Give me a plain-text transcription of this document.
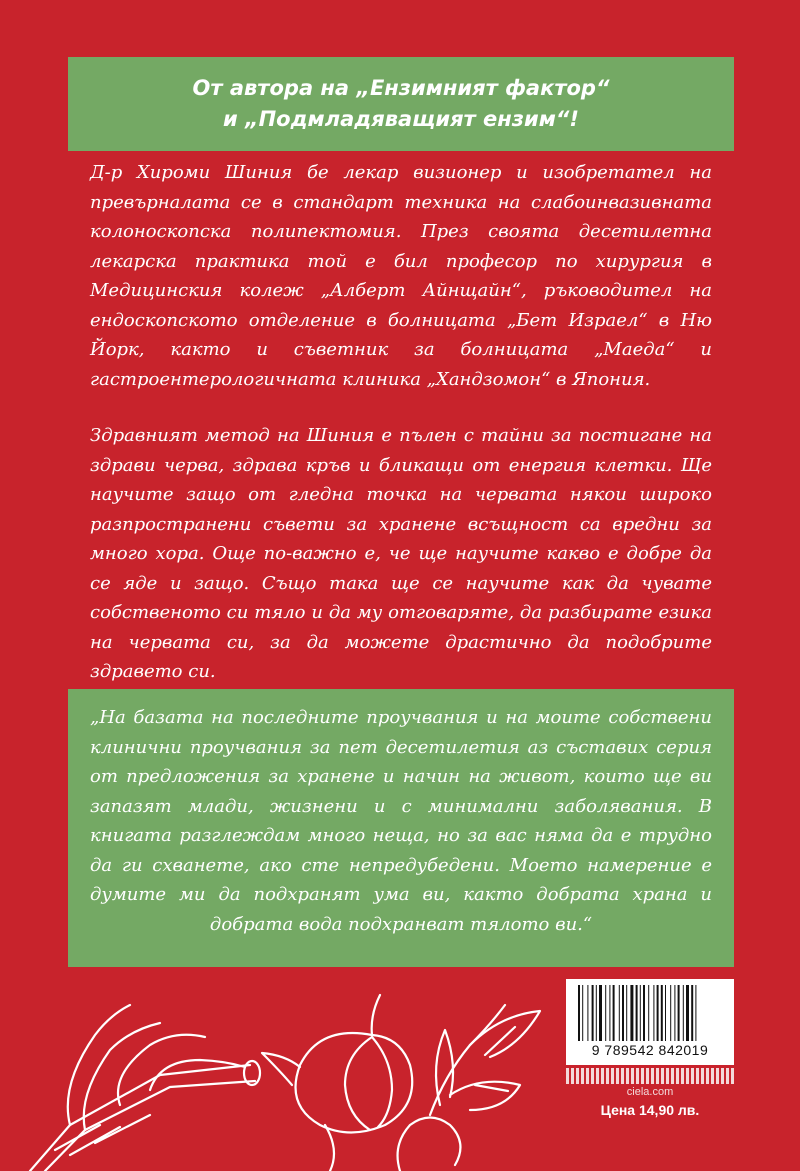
От автора на „Ензимният фактор“
и „Подмладяващият ензим“!

Д-р Хироми Шиния бе лекар визионер и изобретател на превърналата се в стандарт техника на слабоинвазивната колоноскопска полипектомия. През своята десетилетна лекарска практика той е бил професор по хирургия в Медицинския колеж „Алберт Айнщайн“, ръководител на ендоскопското отделение в болницата „Бет Израел“ в Ню Йорк, както и съветник за болницата „Маеда“ и гастроентерологичната клиника „Хандзомон“ в Япония.

Здравният метод на Шиния е пълен с тайни за постигане на здрави черва, здрава кръв и бликащи от енергия клетки. Ще научите защо от гледна точка на червата някои широко разпространени съвети за хранене всъщност са вредни за много хора. Още по-важно е, че ще научите какво е добре да се яде и защо. Също така ще се научите как да чувате собственото си тяло и да му отговаряте, да разбирате езика на червата си, за да можете драстично да подобрите здравето си.

„На базата на последните проучвания и на моите собствени клинични проучвания за пет десетилетия аз съставих серия от предложения за хранене и начин на живот, които ще ви запазят млади, жизнени и с минимални заболявания. В книгата разглеждам много неща, но за вас няма да е трудно да ги схванете, ако сте непредубедени. Моето намерение е думите ми да подхранят ума ви, както добрата храна и добрата вода подхранват тялото ви.“

9 789542 842019
ciela.com
Цена 14,90 лв.
